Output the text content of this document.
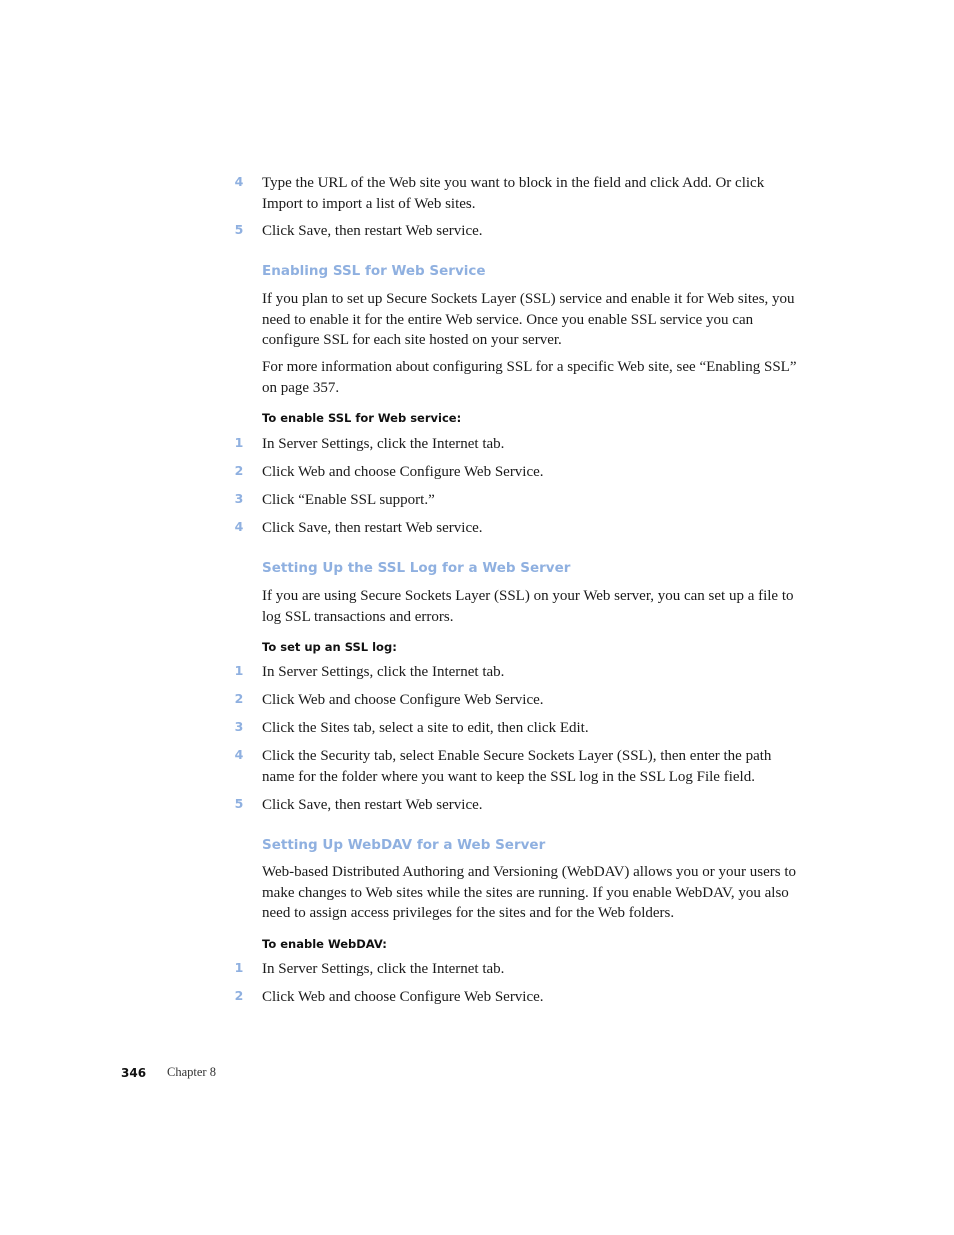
4 Type the URL of the Web site you want to block in the field and click Add. Or click Import to import a list of Web sites.
5 Click Save, then restart Web service.
Enabling SSL for Web Service
If you plan to set up Secure Sockets Layer (SSL) service and enable it for Web sites, you need to enable it for the entire Web service. Once you enable SSL service you can configure SSL for each site hosted on your server.
For more information about configuring SSL for a specific Web site, see “Enabling SSL” on page 357.
To enable SSL for Web service:
1 In Server Settings, click the Internet tab.
2 Click Web and choose Configure Web Service.
3 Click “Enable SSL support.”
4 Click Save, then restart Web service.
Setting Up the SSL Log for a Web Server
If you are using Secure Sockets Layer (SSL) on your Web server, you can set up a file to log SSL transactions and errors.
To set up an SSL log:
1 In Server Settings, click the Internet tab.
2 Click Web and choose Configure Web Service.
3 Click the Sites tab, select a site to edit, then click Edit.
4 Click the Security tab, select Enable Secure Sockets Layer (SSL), then enter the path name for the folder where you want to keep the SSL log in the SSL Log File field.
5 Click Save, then restart Web service.
Setting Up WebDAV for a Web Server
Web-based Distributed Authoring and Versioning (WebDAV) allows you or your users to make changes to Web sites while the sites are running. If you enable WebDAV, you also need to assign access privileges for the sites and for the Web folders.
To enable WebDAV:
1 In Server Settings, click the Internet tab.
2 Click Web and choose Configure Web Service.
346 Chapter 8
